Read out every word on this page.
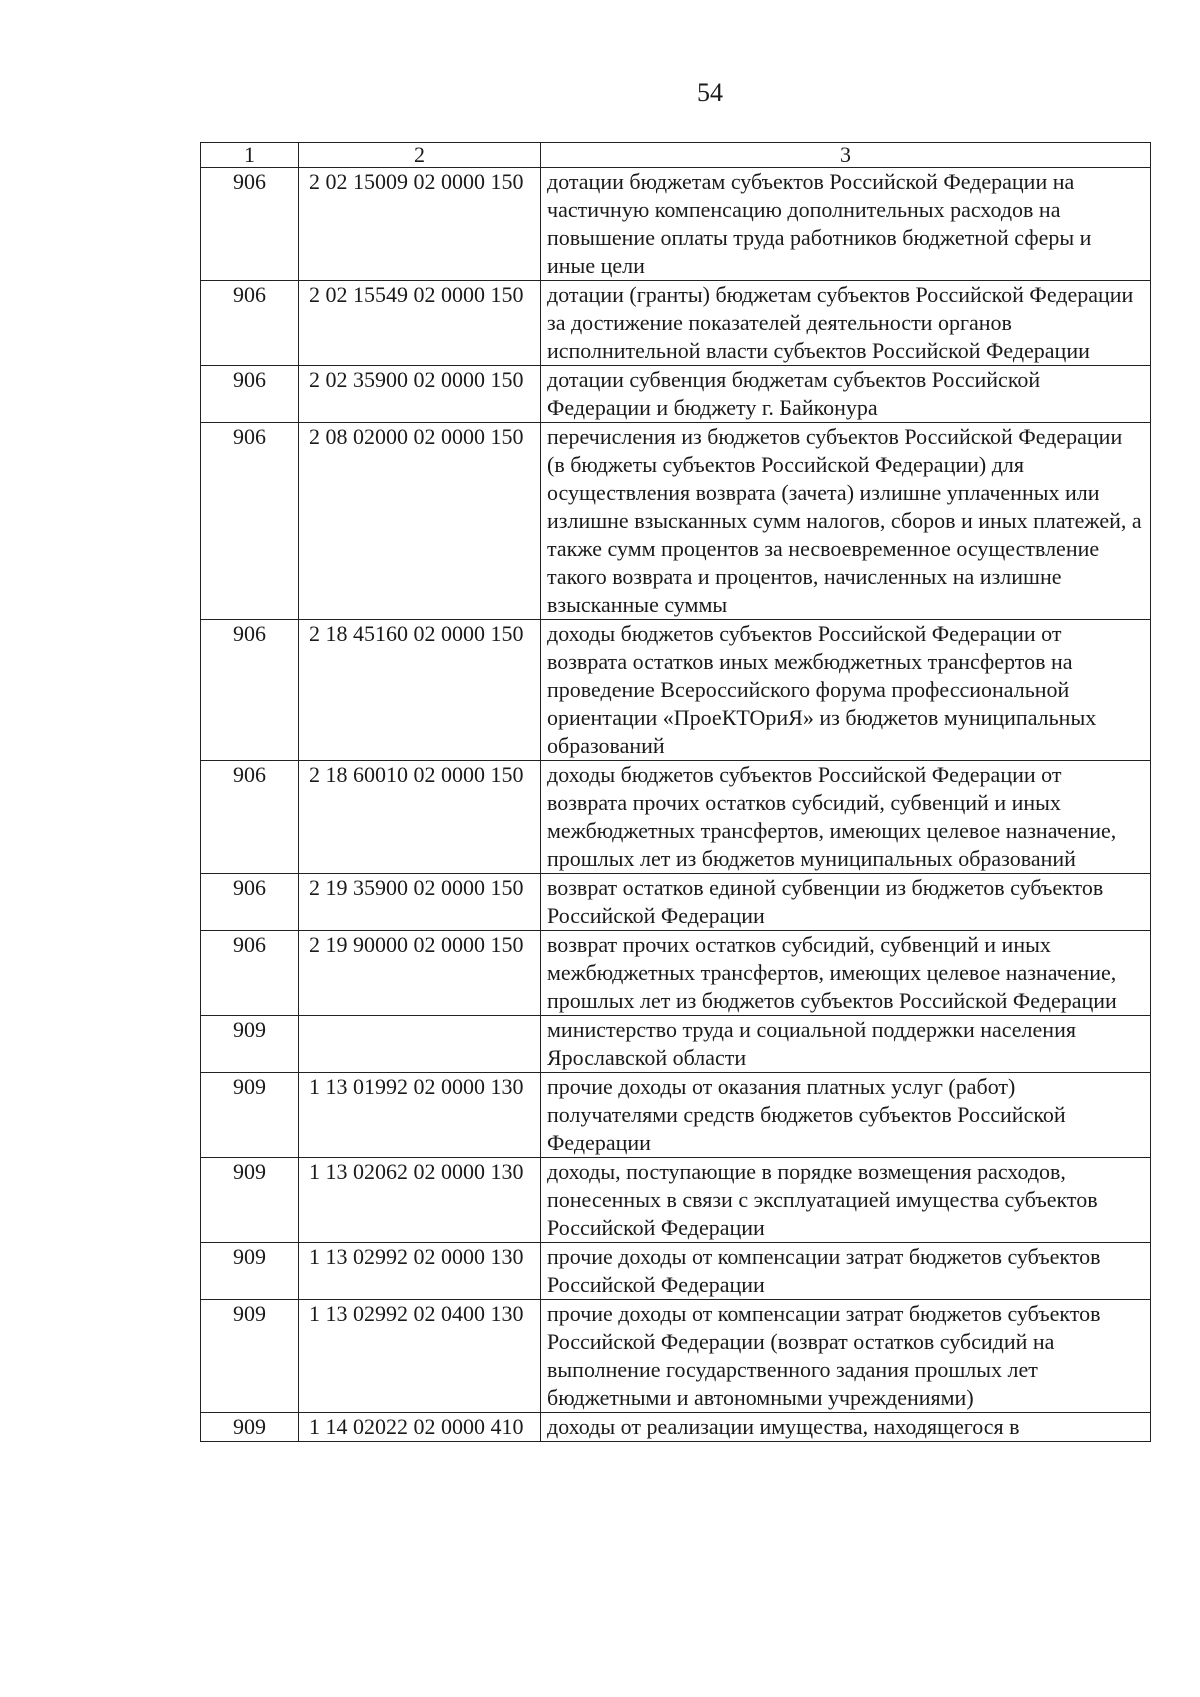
54
1	2	3
906	2 02 15009 02 0000 150	дотации бюджетам субъектов Российской Федерации на частичную компенсацию дополнительных расходов на повышение оплаты труда работников бюджетной сферы и иные цели
906	2 02 15549 02 0000 150	дотации (гранты) бюджетам субъектов Российской Федерации за достижение показателей деятельности органов исполнительной власти субъектов Российской Федерации
906	2 02 35900 02 0000 150	дотации субвенция бюджетам субъектов Российской Федерации и бюджету г. Байконура
906	2 08 02000 02 0000 150	перечисления из бюджетов субъектов Российской Федерации (в бюджеты субъектов Российской Федерации) для осуществления возврата (зачета) излишне уплаченных или излишне взысканных сумм налогов, сборов и иных платежей, а также сумм процентов за несвоевременное осуществление такого возврата и процентов, начисленных на излишне взысканные суммы
906	2 18 45160 02 0000 150	доходы бюджетов субъектов Российской Федерации от возврата остатков иных межбюджетных трансфертов на проведение Всероссийского форума профессиональной ориентации «ПроеКТОриЯ» из бюджетов муниципальных образований
906	2 18 60010 02 0000 150	доходы бюджетов субъектов Российской Федерации от возврата прочих остатков субсидий, субвенций и иных межбюджетных трансфертов, имеющих целевое назначение, прошлых лет из бюджетов муниципальных образований
906	2 19 35900 02 0000 150	возврат остатков единой субвенции из бюджетов субъектов Российской Федерации
906	2 19 90000 02 0000 150	возврат прочих остатков субсидий, субвенций и иных межбюджетных трансфертов, имеющих целевое назначение, прошлых лет из бюджетов субъектов Российской Федерации
909		министерство труда и социальной поддержки населения Ярославской области
909	1 13 01992 02 0000 130	прочие доходы от оказания платных услуг (работ) получателями средств бюджетов субъектов Российской Федерации
909	1 13 02062 02 0000 130	доходы, поступающие в порядке возмещения расходов, понесенных в связи с эксплуатацией имущества субъектов Российской Федерации
909	1 13 02992 02 0000 130	прочие доходы от компенсации затрат бюджетов субъектов Российской Федерации
909	1 13 02992 02 0400 130	прочие доходы от компенсации затрат бюджетов субъектов Российской Федерации (возврат остатков субсидий на выполнение государственного задания прошлых лет бюджетными и автономными учреждениями)
909	1 14 02022 02 0000 410	доходы от реализации имущества, находящегося в
